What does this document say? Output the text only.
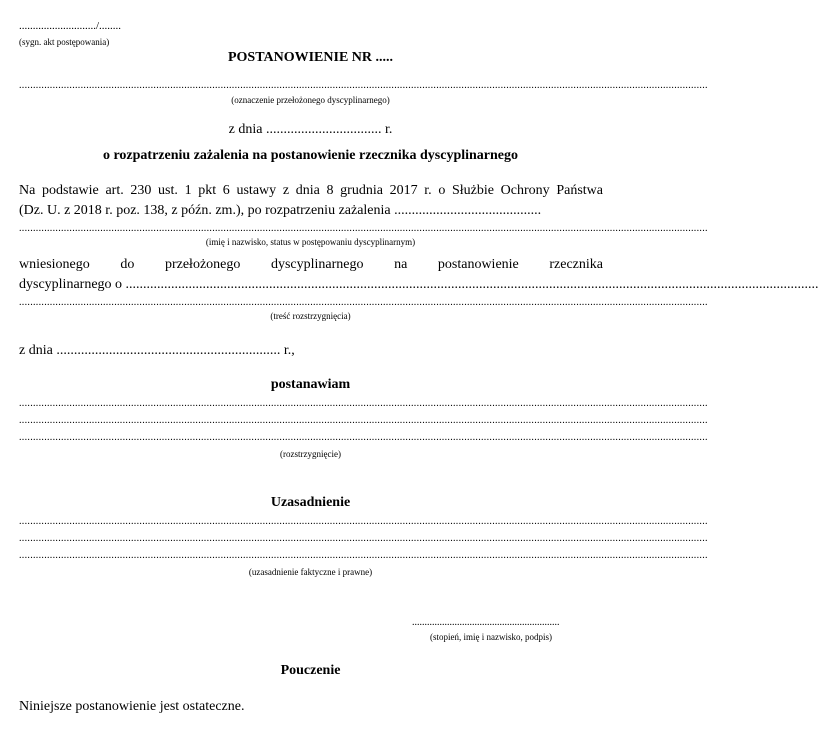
............................/........
(sygn. akt postępowania)
POSTANOWIENIE NR .....
......................................................................................................................................................................................................................................................
(oznaczenie przełożonego dyscyplinarnego)
z dnia ................................. r.
o rozpatrzeniu zażalenia na postanowienie rzecznika dyscyplinarnego
Na podstawie art. 230 ust. 1 pkt 6 ustawy z dnia 8 grudnia 2017 r. o Służbie Ochrony Państwa
(Dz. U. z 2018 r. poz. 138, z późn. zm.), po rozpatrzeniu zażalenia ..........................................
......................................................................................................................................................................................................................................................
(imię i nazwisko, status w postępowaniu dyscyplinarnym)
wniesionego do przełożonego dyscyplinarnego na postanowienie rzecznika
dyscyplinarnego o ......................................................................................................................................................................................................
......................................................................................................................................................................................................................................................
(treść rozstrzygnięcia)
z dnia ................................................................ r.,
postanawiam
......................................................................................................................................................................................................................................................
......................................................................................................................................................................................................................................................
......................................................................................................................................................................................................................................................
(rozstrzygnięcie)
Uzasadnienie
......................................................................................................................................................................................................................................................
......................................................................................................................................................................................................................................................
......................................................................................................................................................................................................................................................
(uzasadnienie faktyczne i prawne)
...........................................................
(stopień, imię i nazwisko, podpis)
Pouczenie
Niniejsze postanowienie jest ostateczne.
